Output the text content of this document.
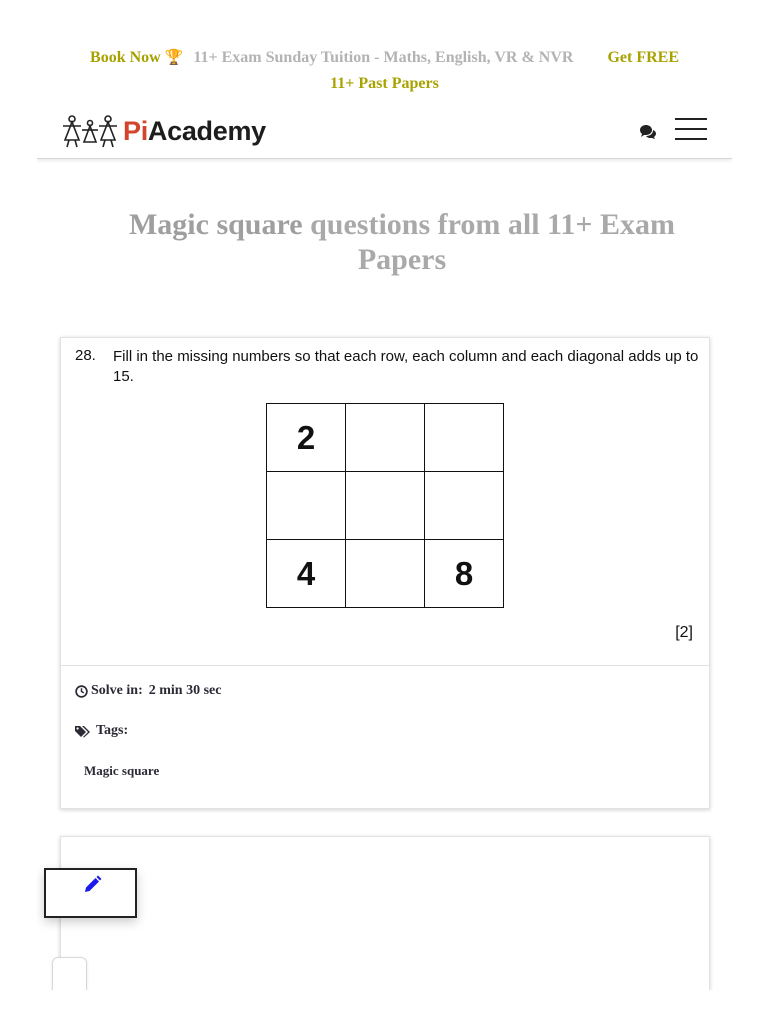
Book Now 🏆 11+ Exam Sunday Tuition - Maths, English, VR & NVR Get FREE
11+ Past Papers
PiAcademy
Magic square questions from all 11+ Exam Papers
28. Fill in the missing numbers so that each row, each column and each diagonal adds up to 15.

2		

4		8
[2]
Solve in: 2 min 30 sec
Tags:
Magic square
